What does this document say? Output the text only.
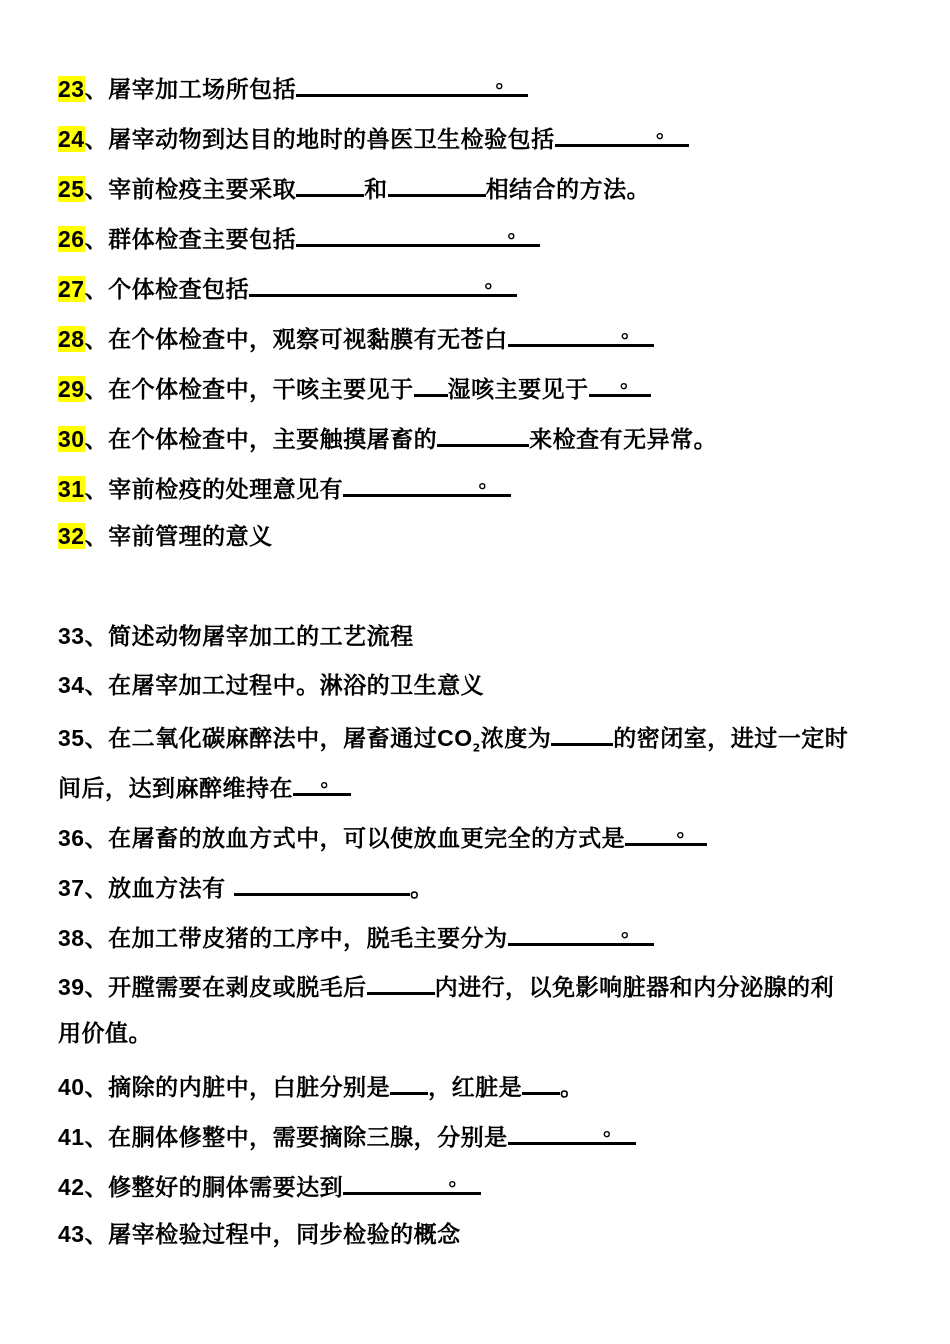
23、屠宰加工场所包括	。
24、屠宰动物到达目的地时的兽医卫生检验包括	。
25、宰前检疫主要采取	和	相结合的方法。
26、群体检查主要包括	。
27、个体检查包括	。
28、在个体检查中，观察可视黏膜有无苍白	。
29、在个体检查中，干咳主要见于 湿咳主要见于 。
30、在个体检查中，主要触摸屠畜的	来检查有无异常。
31、宰前检疫的处理意见有	。
32、宰前管理的意义
33、简述动物屠宰加工的工艺流程
34、在屠宰加工过程中。淋浴的卫生意义
35、在二氧化碳麻醉法中，屠畜通过$CO_2$浓度为	的密闭室，进过一定时
间后，达到麻醉维持在 。
36、在屠畜的放血方式中，可以使放血更完全的方式是	。
37、放血方法有	。
38、在加工带皮猪的工序中，脱毛主要分为	。
39、开膛需要在剥皮或脱毛后	内进行，以免影响脏器和内分泌腺的利
用价值。
40、摘除的内脏中，白脏分别是 ，红脏是 。
41、在胴体修整中，需要摘除三腺，分别是	。
42、修整好的胴体需要达到	。
43、屠宰检验过程中，同步检验的概念
